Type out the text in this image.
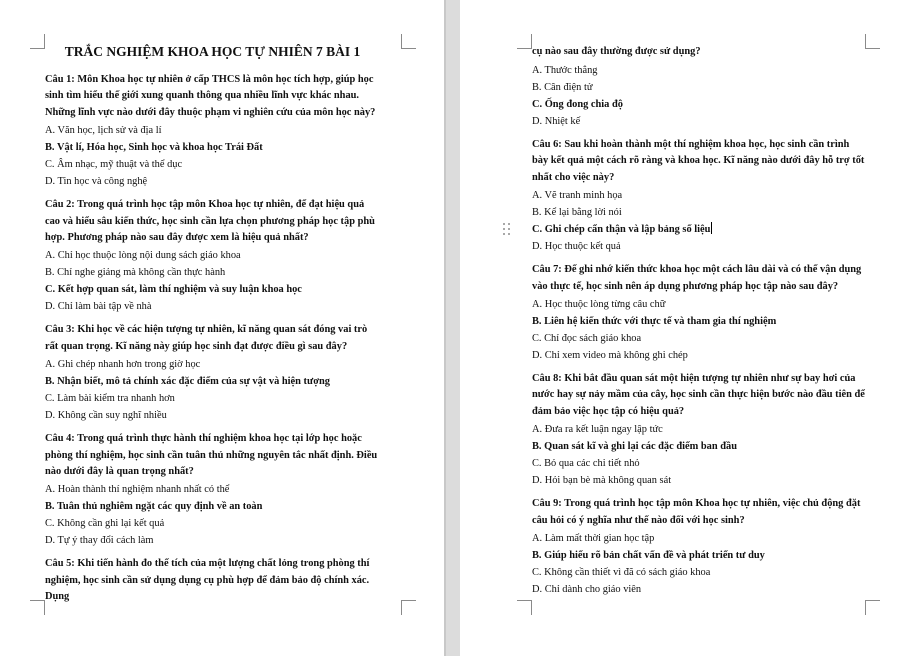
TRẮC NGHIỆM KHOA HỌC TỰ NHIÊN 7 BÀI 1
Câu 1: Môn Khoa học tự nhiên ở cấp THCS là môn học tích hợp, giúp học sinh tìm hiểu thế giới xung quanh thông qua nhiều lĩnh vực khác nhau. Những lĩnh vực nào dưới đây thuộc phạm vi nghiên cứu của môn học này?
A. Văn học, lịch sử và địa lí
B. Vật lí, Hóa học, Sinh học và khoa học Trái Đất
C. Âm nhạc, mỹ thuật và thể dục
D. Tin học và công nghệ
Câu 2: Trong quá trình học tập môn Khoa học tự nhiên, để đạt hiệu quả cao và hiểu sâu kiến thức, học sinh cần lựa chọn phương pháp học tập phù hợp. Phương pháp nào sau đây được xem là hiệu quả nhất?
A. Chỉ học thuộc lòng nội dung sách giáo khoa
B. Chỉ nghe giảng mà không cần thực hành
C. Kết hợp quan sát, làm thí nghiệm và suy luận khoa học
D. Chỉ làm bài tập về nhà
Câu 3: Khi học về các hiện tượng tự nhiên, kĩ năng quan sát đóng vai trò rất quan trọng. Kĩ năng này giúp học sinh đạt được điều gì sau đây?
A. Ghi chép nhanh hơn trong giờ học
B. Nhận biết, mô tả chính xác đặc điểm của sự vật và hiện tượng
C. Làm bài kiểm tra nhanh hơn
D. Không cần suy nghĩ nhiều
Câu 4: Trong quá trình thực hành thí nghiệm khoa học tại lớp học hoặc phòng thí nghiệm, học sinh cần tuân thủ những nguyên tắc nhất định. Điều nào dưới đây là quan trọng nhất?
A. Hoàn thành thí nghiệm nhanh nhất có thể
B. Tuân thủ nghiêm ngặt các quy định về an toàn
C. Không cần ghi lại kết quả
D. Tự ý thay đổi cách làm
Câu 5: Khi tiến hành đo thể tích của một lượng chất lỏng trong phòng thí nghiệm, học sinh cần sử dụng dụng cụ phù hợp để đảm bảo độ chính xác. Dụng
cụ nào sau đây thường được sử dụng?
A. Thước thẳng
B. Cân điện tử
C. Ống đong chia độ
D. Nhiệt kế
Câu 6: Sau khi hoàn thành một thí nghiệm khoa học, học sinh cần trình bày kết quả một cách rõ ràng và khoa học. Kĩ năng nào dưới đây hỗ trợ tốt nhất cho việc này?
A. Vẽ tranh minh họa
B. Kể lại bằng lời nói
C. Ghi chép cẩn thận và lập bảng số liệu
D. Học thuộc kết quả
Câu 7: Để ghi nhớ kiến thức khoa học một cách lâu dài và có thể vận dụng vào thực tế, học sinh nên áp dụng phương pháp học tập nào sau đây?
A. Học thuộc lòng từng câu chữ
B. Liên hệ kiến thức với thực tế và tham gia thí nghiệm
C. Chỉ đọc sách giáo khoa
D. Chỉ xem video mà không ghi chép
Câu 8: Khi bắt đầu quan sát một hiện tượng tự nhiên như sự bay hơi của nước hay sự nảy mầm của cây, học sinh cần thực hiện bước nào đầu tiên để đảm bảo việc học tập có hiệu quả?
A. Đưa ra kết luận ngay lập tức
B. Quan sát kĩ và ghi lại các đặc điểm ban đầu
C. Bỏ qua các chi tiết nhỏ
D. Hỏi bạn bè mà không quan sát
Câu 9: Trong quá trình học tập môn Khoa học tự nhiên, việc chủ động đặt câu hỏi có ý nghĩa như thế nào đối với học sinh?
A. Làm mất thời gian học tập
B. Giúp hiểu rõ bản chất vấn đề và phát triển tư duy
C. Không cần thiết vì đã có sách giáo khoa
D. Chỉ dành cho giáo viên
